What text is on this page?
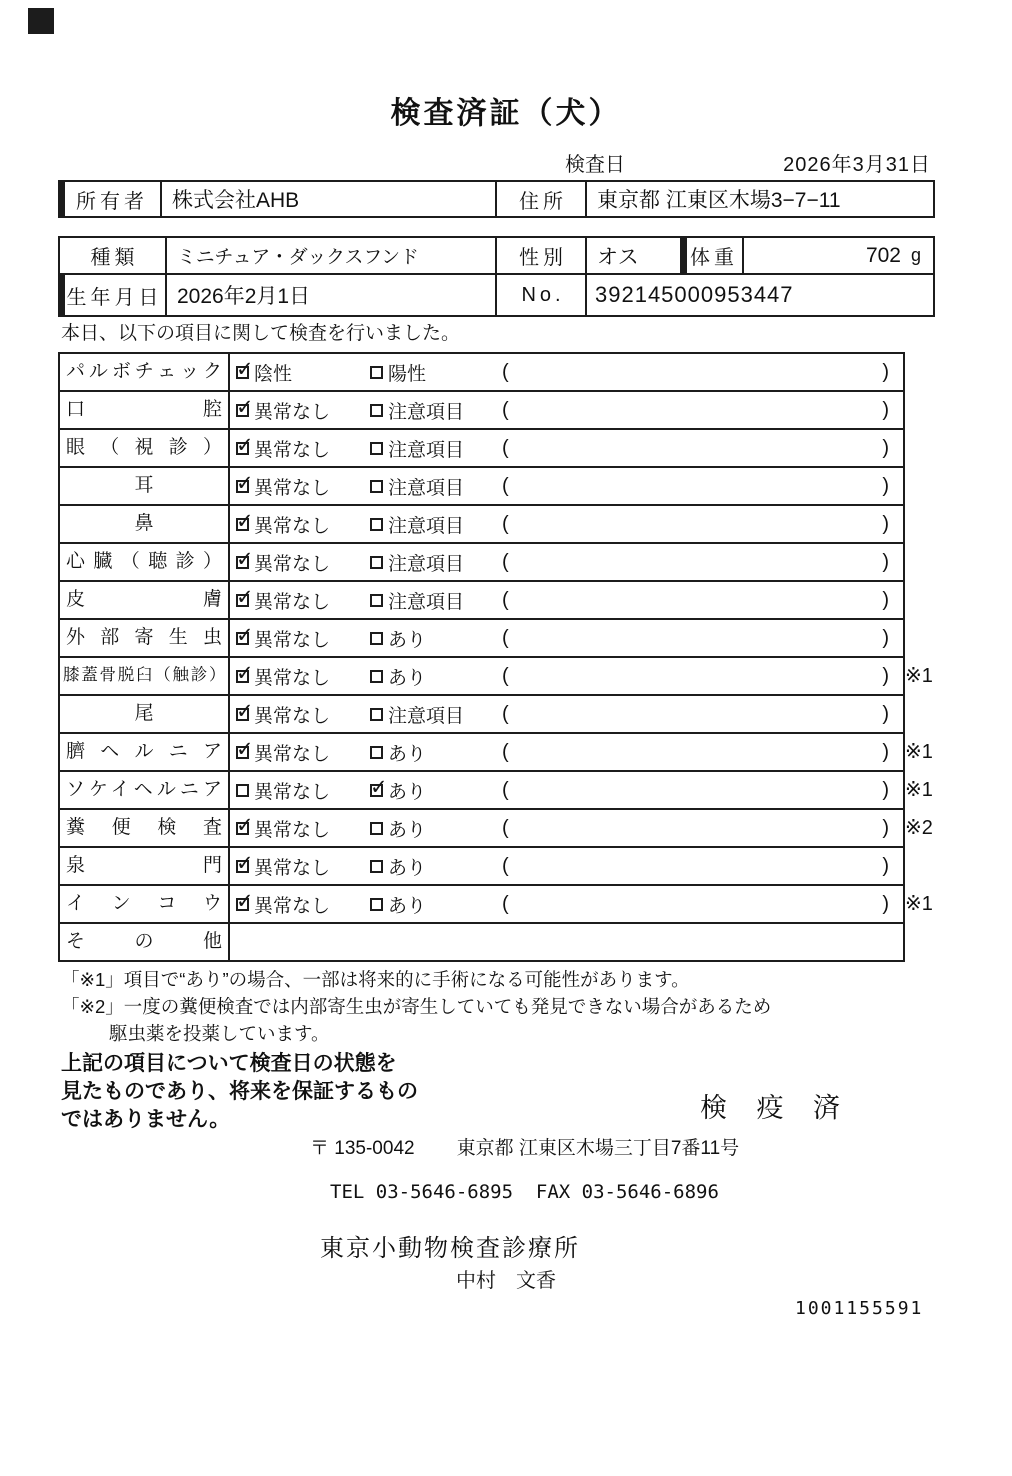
検査済証（犬）
検査日	2026年3月31日
所有者	株式会社AHB	住所	東京都 江東区木場3−7−11
種類	ミニチュア・ダックスフンド	性別	オス	体重	702 g
生年月日 2026年2月1日	No.	392145000953447
本日、以下の項目に関して検査を行いました。
パルボチェック ✓	陰性	陽性	(	)
口腔 ✓	異常なし	注意項目 (	)
眼（視診） ✓	異常なし	注意項目 (	)
耳 ✓	異常なし	注意項目 (	)
鼻 ✓	異常なし	注意項目 (	)
心臓（聴診） ✓	異常なし	注意項目 (	)
皮膚 ✓	異常なし	注意項目 (	)
外部寄生虫 ✓	異常なし	あり	(	)
膝蓋骨脱臼（触診） ✓ 異常なし	あり	(	) ※1
尾 ✓	異常なし	注意項目 (	)
臍ヘルニア ✓	異常なし	あり	(	) ※1
ソケイヘルニア	異常なし ✓	あり	(	) ※1
糞便検査 ✓	異常なし	あり	(	) ※2
泉門 ✓	異常なし	あり	(	)
インコウ ✓	異常なし	あり	(	) ※1
その他
「※1」項目で“あり”の場合、一部は将来的に手術になる可能性があります。
「※2」一度の糞便検査では内部寄生虫が寄生していても発見できない場合があるため
駆虫薬を投薬しています。
上記の項目について検査日の状態を
見たものであり、将来を保証するもの
ではありません。	検 疫 済
〒 135-0042 東京都 江東区木場三丁目7番11号
TEL 03-5646-6895  FAX 03-5646-6896
東京小動物検査診療所
中村　文香
1001155591
